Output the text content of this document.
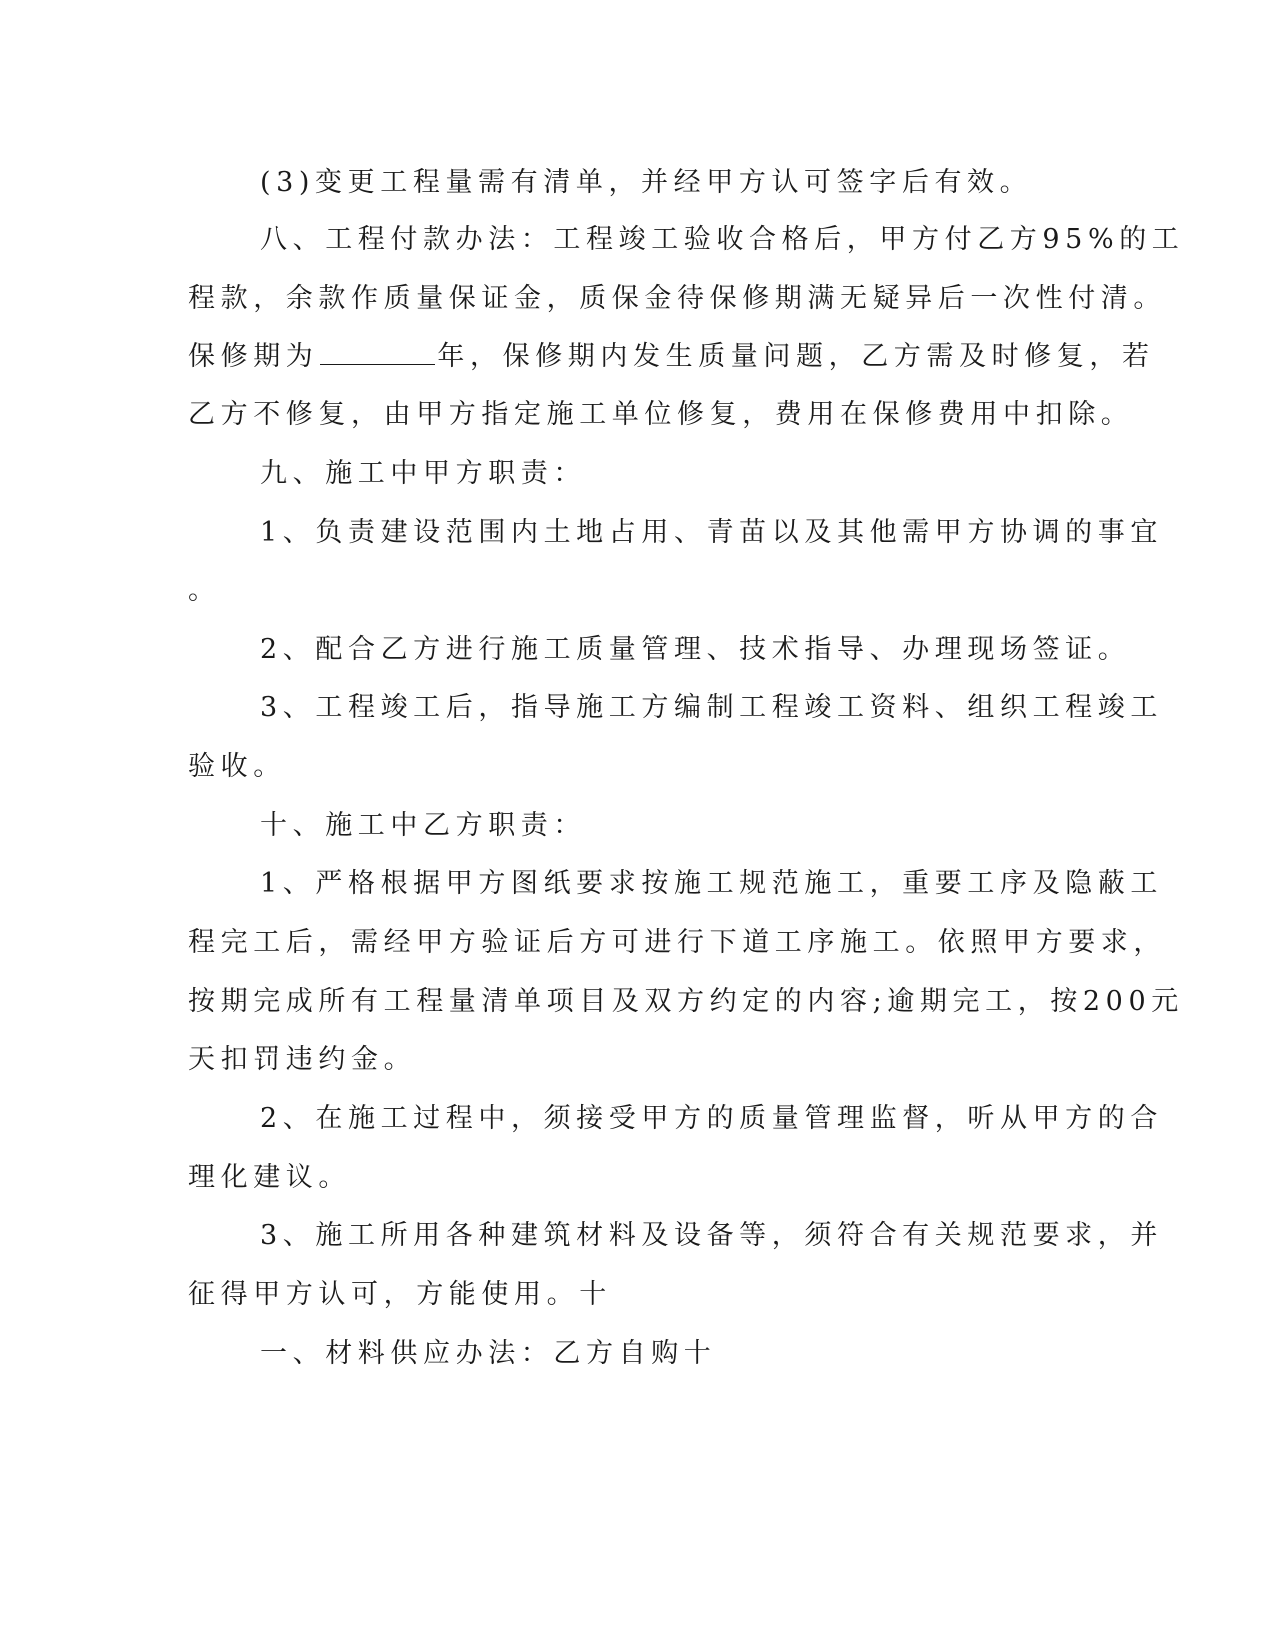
(3)变更工程量需有清单，并经甲方认可签字后有效。
八、工程付款办法：工程竣工验收合格后，甲方付乙方95%的工
程款，余款作质量保证金，质保金待保修期满无疑异后一次性付清。
保修期为	年，保修期内发生质量问题，乙方需及时修复，若
乙方不修复，由甲方指定施工单位修复，费用在保修费用中扣除。
九、施工中甲方职责：
1、负责建设范围内土地占用、青苗以及其他需甲方协调的事宜
。
2、配合乙方进行施工质量管理、技术指导、办理现场签证。
3、工程竣工后，指导施工方编制工程竣工资料、组织工程竣工
验收。
十、施工中乙方职责：
1、严格根据甲方图纸要求按施工规范施工，重要工序及隐蔽工
程完工后，需经甲方验证后方可进行下道工序施工。依照甲方要求，
按期完成所有工程量清单项目及双方约定的内容;逾期完工，按200元
天扣罚违约金。
2、在施工过程中，须接受甲方的质量管理监督，听从甲方的合
理化建议。
3、施工所用各种建筑材料及设备等，须符合有关规范要求，并
征得甲方认可，方能使用。十
一、材料供应办法：乙方自购十
